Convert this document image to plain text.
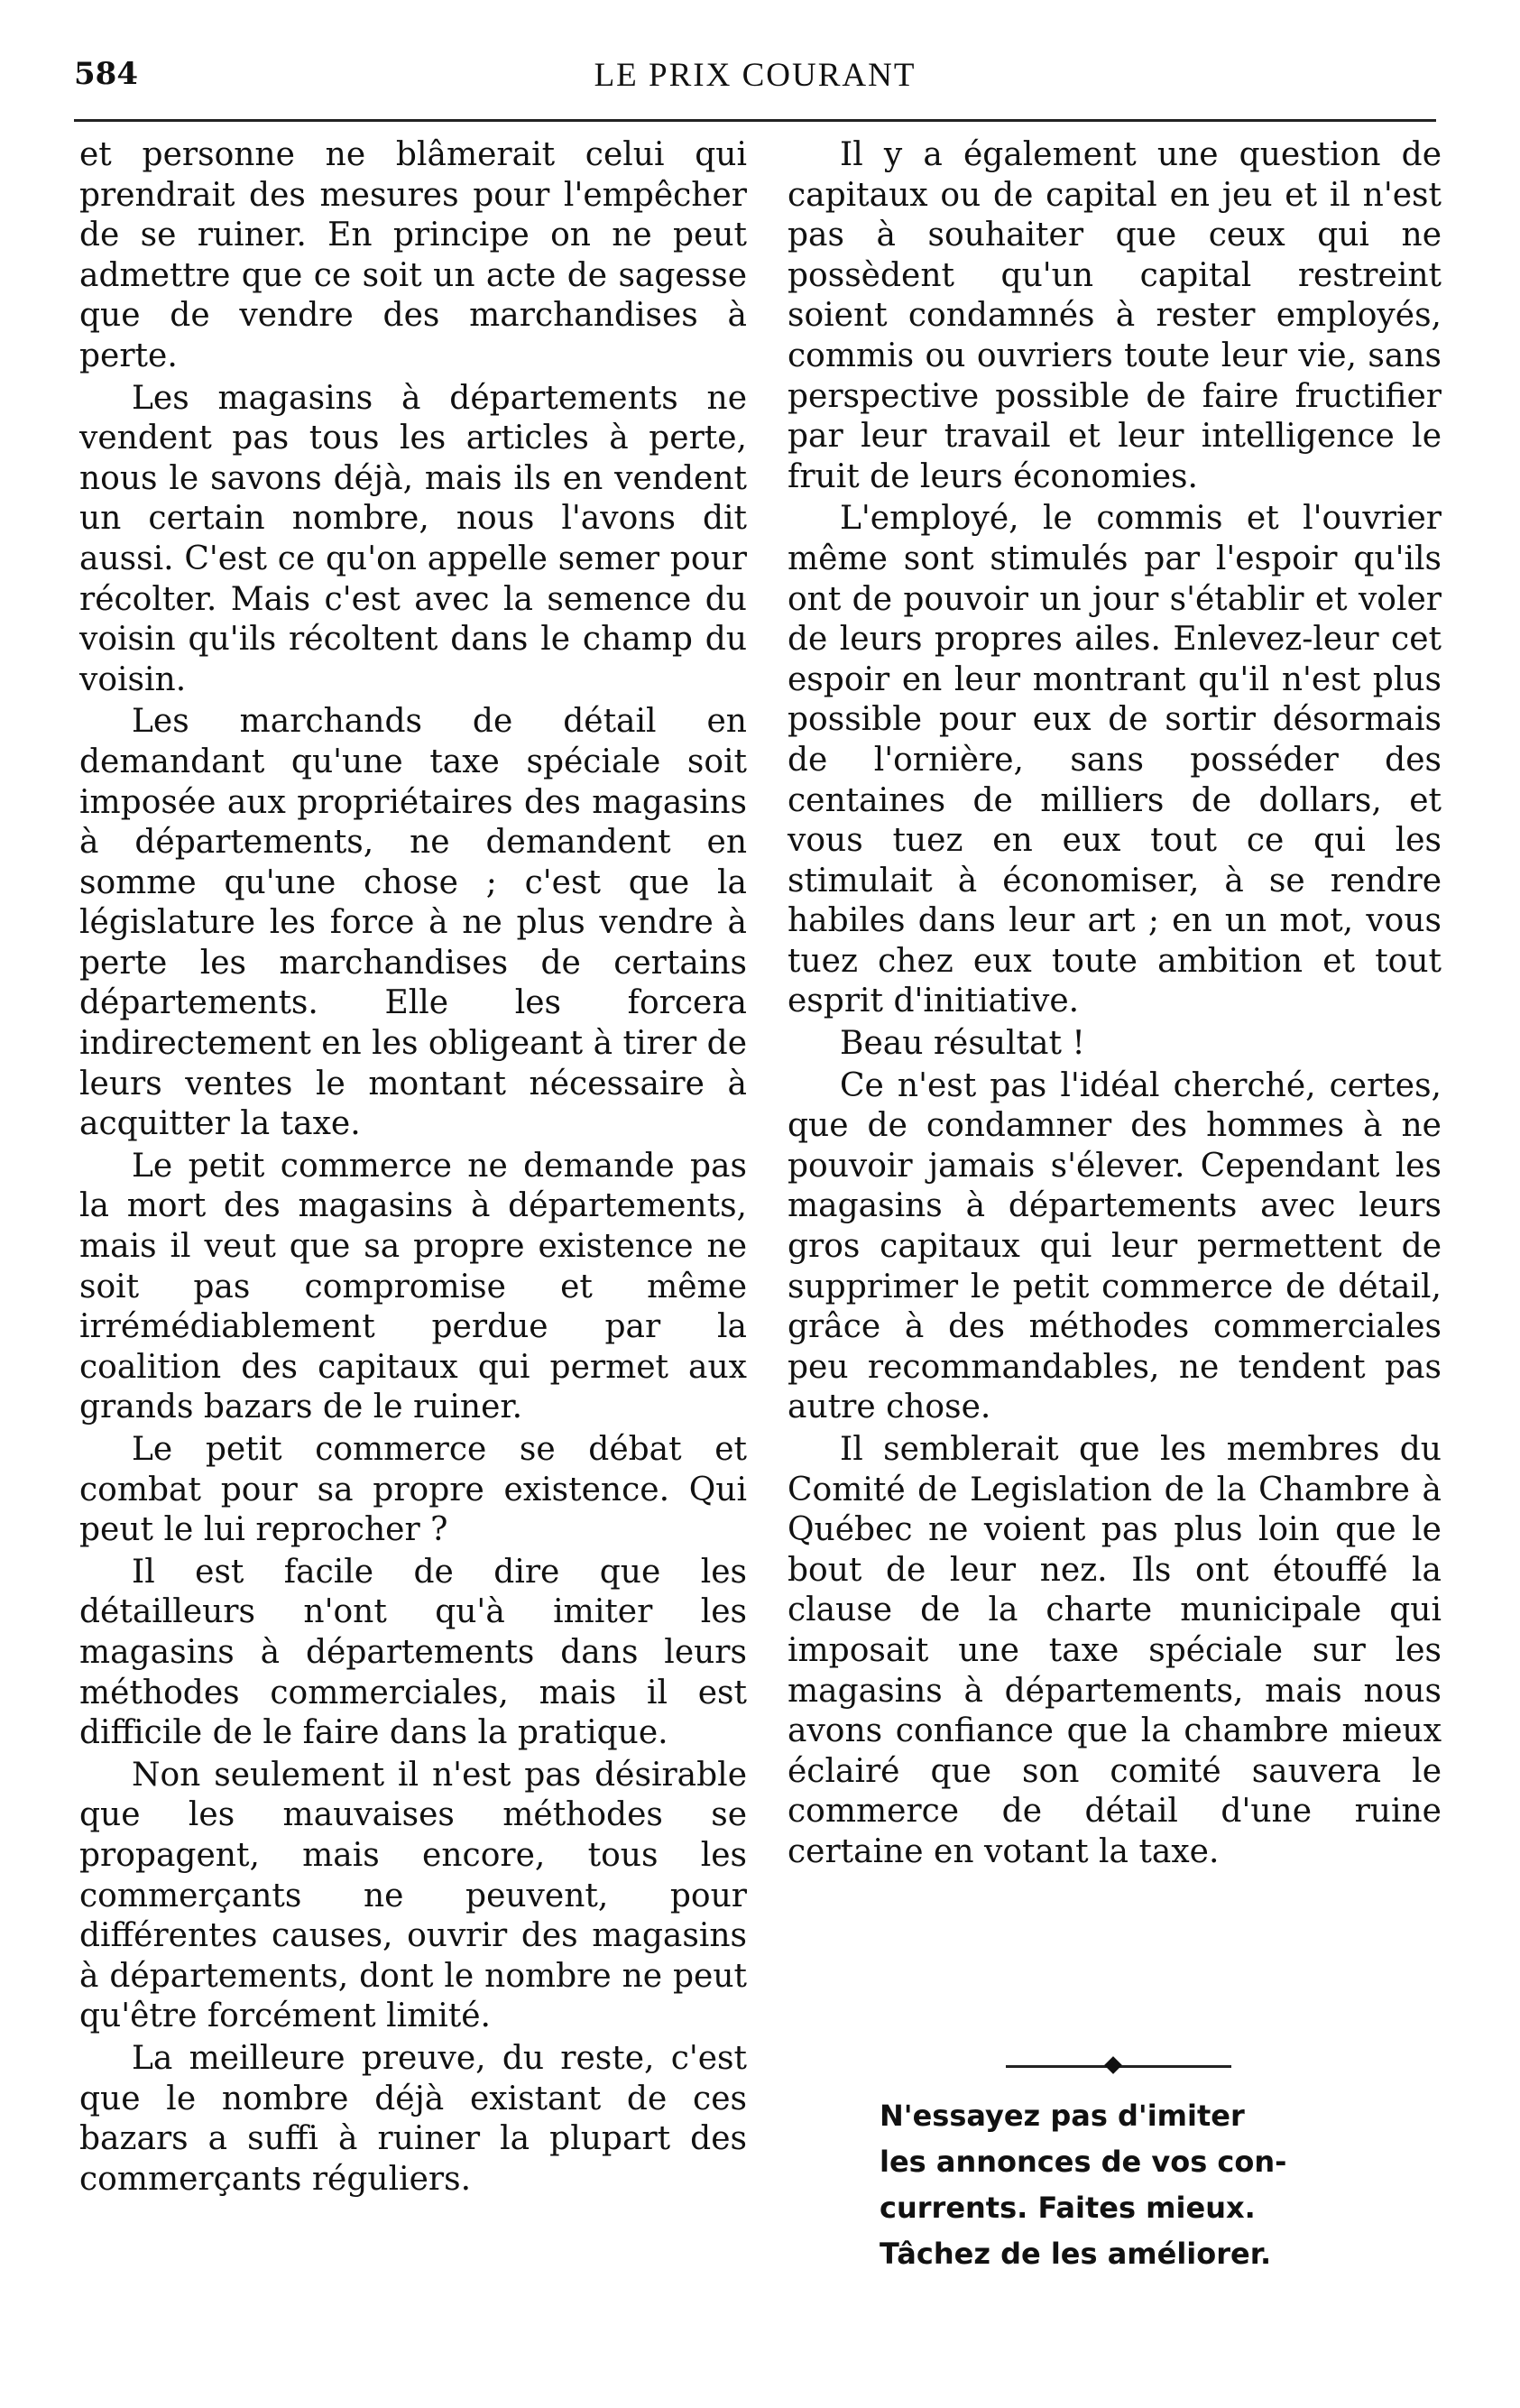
584	LE PRIX COURANT

et personne ne blâmerait celui qui prendrait des mesures pour l'empêcher de se ruiner. En principe on ne peut admettre que ce soit un acte de sagesse que de vendre des marchandises à perte.

Les magasins à départements ne vendent pas tous les articles à perte, nous le savons déjà, mais ils en vendent un certain nombre, nous l'avons dit aussi. C'est ce qu'on appelle semer pour récolter. Mais c'est avec la semence du voisin qu'ils récoltent dans le champ du voisin.

Les marchands de détail en demandant qu'une taxe spéciale soit imposée aux propriétaires des magasins à départements, ne demandent en somme qu'une chose ; c'est que la législature les force à ne plus vendre à perte les marchandises de certains départements. Elle les forcera indirectement en les obligeant à tirer de leurs ventes le montant nécessaire à acquitter la taxe.

Le petit commerce ne demande pas la mort des magasins à départements, mais il veut que sa propre existence ne soit pas compromise et même irrémédiablement perdue par la coalition des capitaux qui permet aux grands bazars de le ruiner.

Le petit commerce se débat et combat pour sa propre existence. Qui peut le lui reprocher ?

Il est facile de dire que les détailleurs n'ont qu'à imiter les magasins à départements dans leurs méthodes commerciales, mais il est difficile de le faire dans la pratique.

Non seulement il n'est pas désirable que les mauvaises méthodes se propagent, mais encore, tous les commerçants ne peuvent, pour différentes causes, ouvrir des magasins à départements, dont le nombre ne peut qu'être forcément limité.

La meilleure preuve, du reste, c'est que le nombre déjà existant de ces bazars a suffi à ruiner la plupart des commerçants réguliers.

Il y a également une question de capitaux ou de capital en jeu et il n'est pas à souhaiter que ceux qui ne possèdent qu'un capital restreint soient condamnés à rester employés, commis ou ouvriers toute leur vie, sans perspective possible de faire fructifier par leur travail et leur intelligence le fruit de leurs économies.

L'employé, le commis et l'ouvrier même sont stimulés par l'espoir qu'ils ont de pouvoir un jour s'établir et voler de leurs propres ailes. Enlevez-leur cet espoir en leur montrant qu'il n'est plus possible pour eux de sortir désormais de l'ornière, sans posséder des centaines de milliers de dollars, et vous tuez en eux tout ce qui les stimulait à économiser, à se rendre habiles dans leur art ; en un mot, vous tuez chez eux toute ambition et tout esprit d'initiative.

Beau résultat !

Ce n'est pas l'idéal cherché, certes, que de condamner des hommes à ne pouvoir jamais s'élever. Cependant les magasins à départements avec leurs gros capitaux qui leur permettent de supprimer le petit commerce de détail, grâce à des méthodes commerciales peu recommandables, ne tendent pas autre chose.

Il semblerait que les membres du Comité de Legislation de la Chambre à Québec ne voient pas plus loin que le bout de leur nez. Ils ont étouffé la clause de la charte municipale qui imposait une taxe spéciale sur les magasins à départements, mais nous avons confiance que la chambre mieux éclairé que son comité sauvera le commerce de détail d'une ruine certaine en votant la taxe.

N'essayez pas d'imiter
les annonces de vos con-
currents. Faites mieux.
Tâchez de les améliorer.
